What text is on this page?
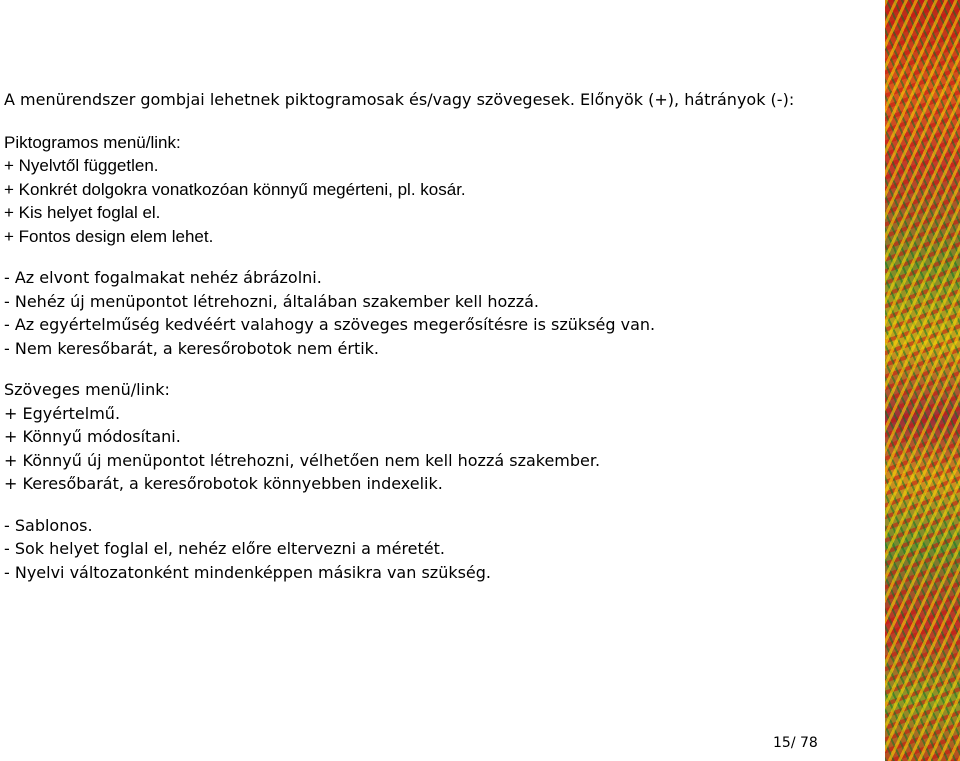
A menürendszer gombjai lehetnek piktogramosak és/vagy szövegesek. Előnyök (+), hátrányok (-):

Piktogramos menü/link:

+ Nyelvtől független.

+ Konkrét dolgokra vonatkozóan könnyű megérteni, pl. kosár.

+ Kis helyet foglal el.

+ Fontos design elem lehet.

- Az elvont fogalmakat nehéz ábrázolni.

- Nehéz új menüpontot létrehozni, általában szakember kell hozzá.

- Az egyértelműség kedvéért valahogy a szöveges megerősítésre is szükség van.

- Nem keresőbarát, a keresőrobotok nem értik.

Szöveges menü/link:

+ Egyértelmű.

+ Könnyű módosítani.

+ Könnyű új menüpontot létrehozni, vélhetően nem kell hozzá szakember.

+ Keresőbarát, a keresőrobotok könnyebben indexelik.

- Sablonos.

- Sok helyet foglal el, nehéz előre eltervezni a méretét.

- Nyelvi változatonként mindenképpen másikra van szükség.

15/ 78
